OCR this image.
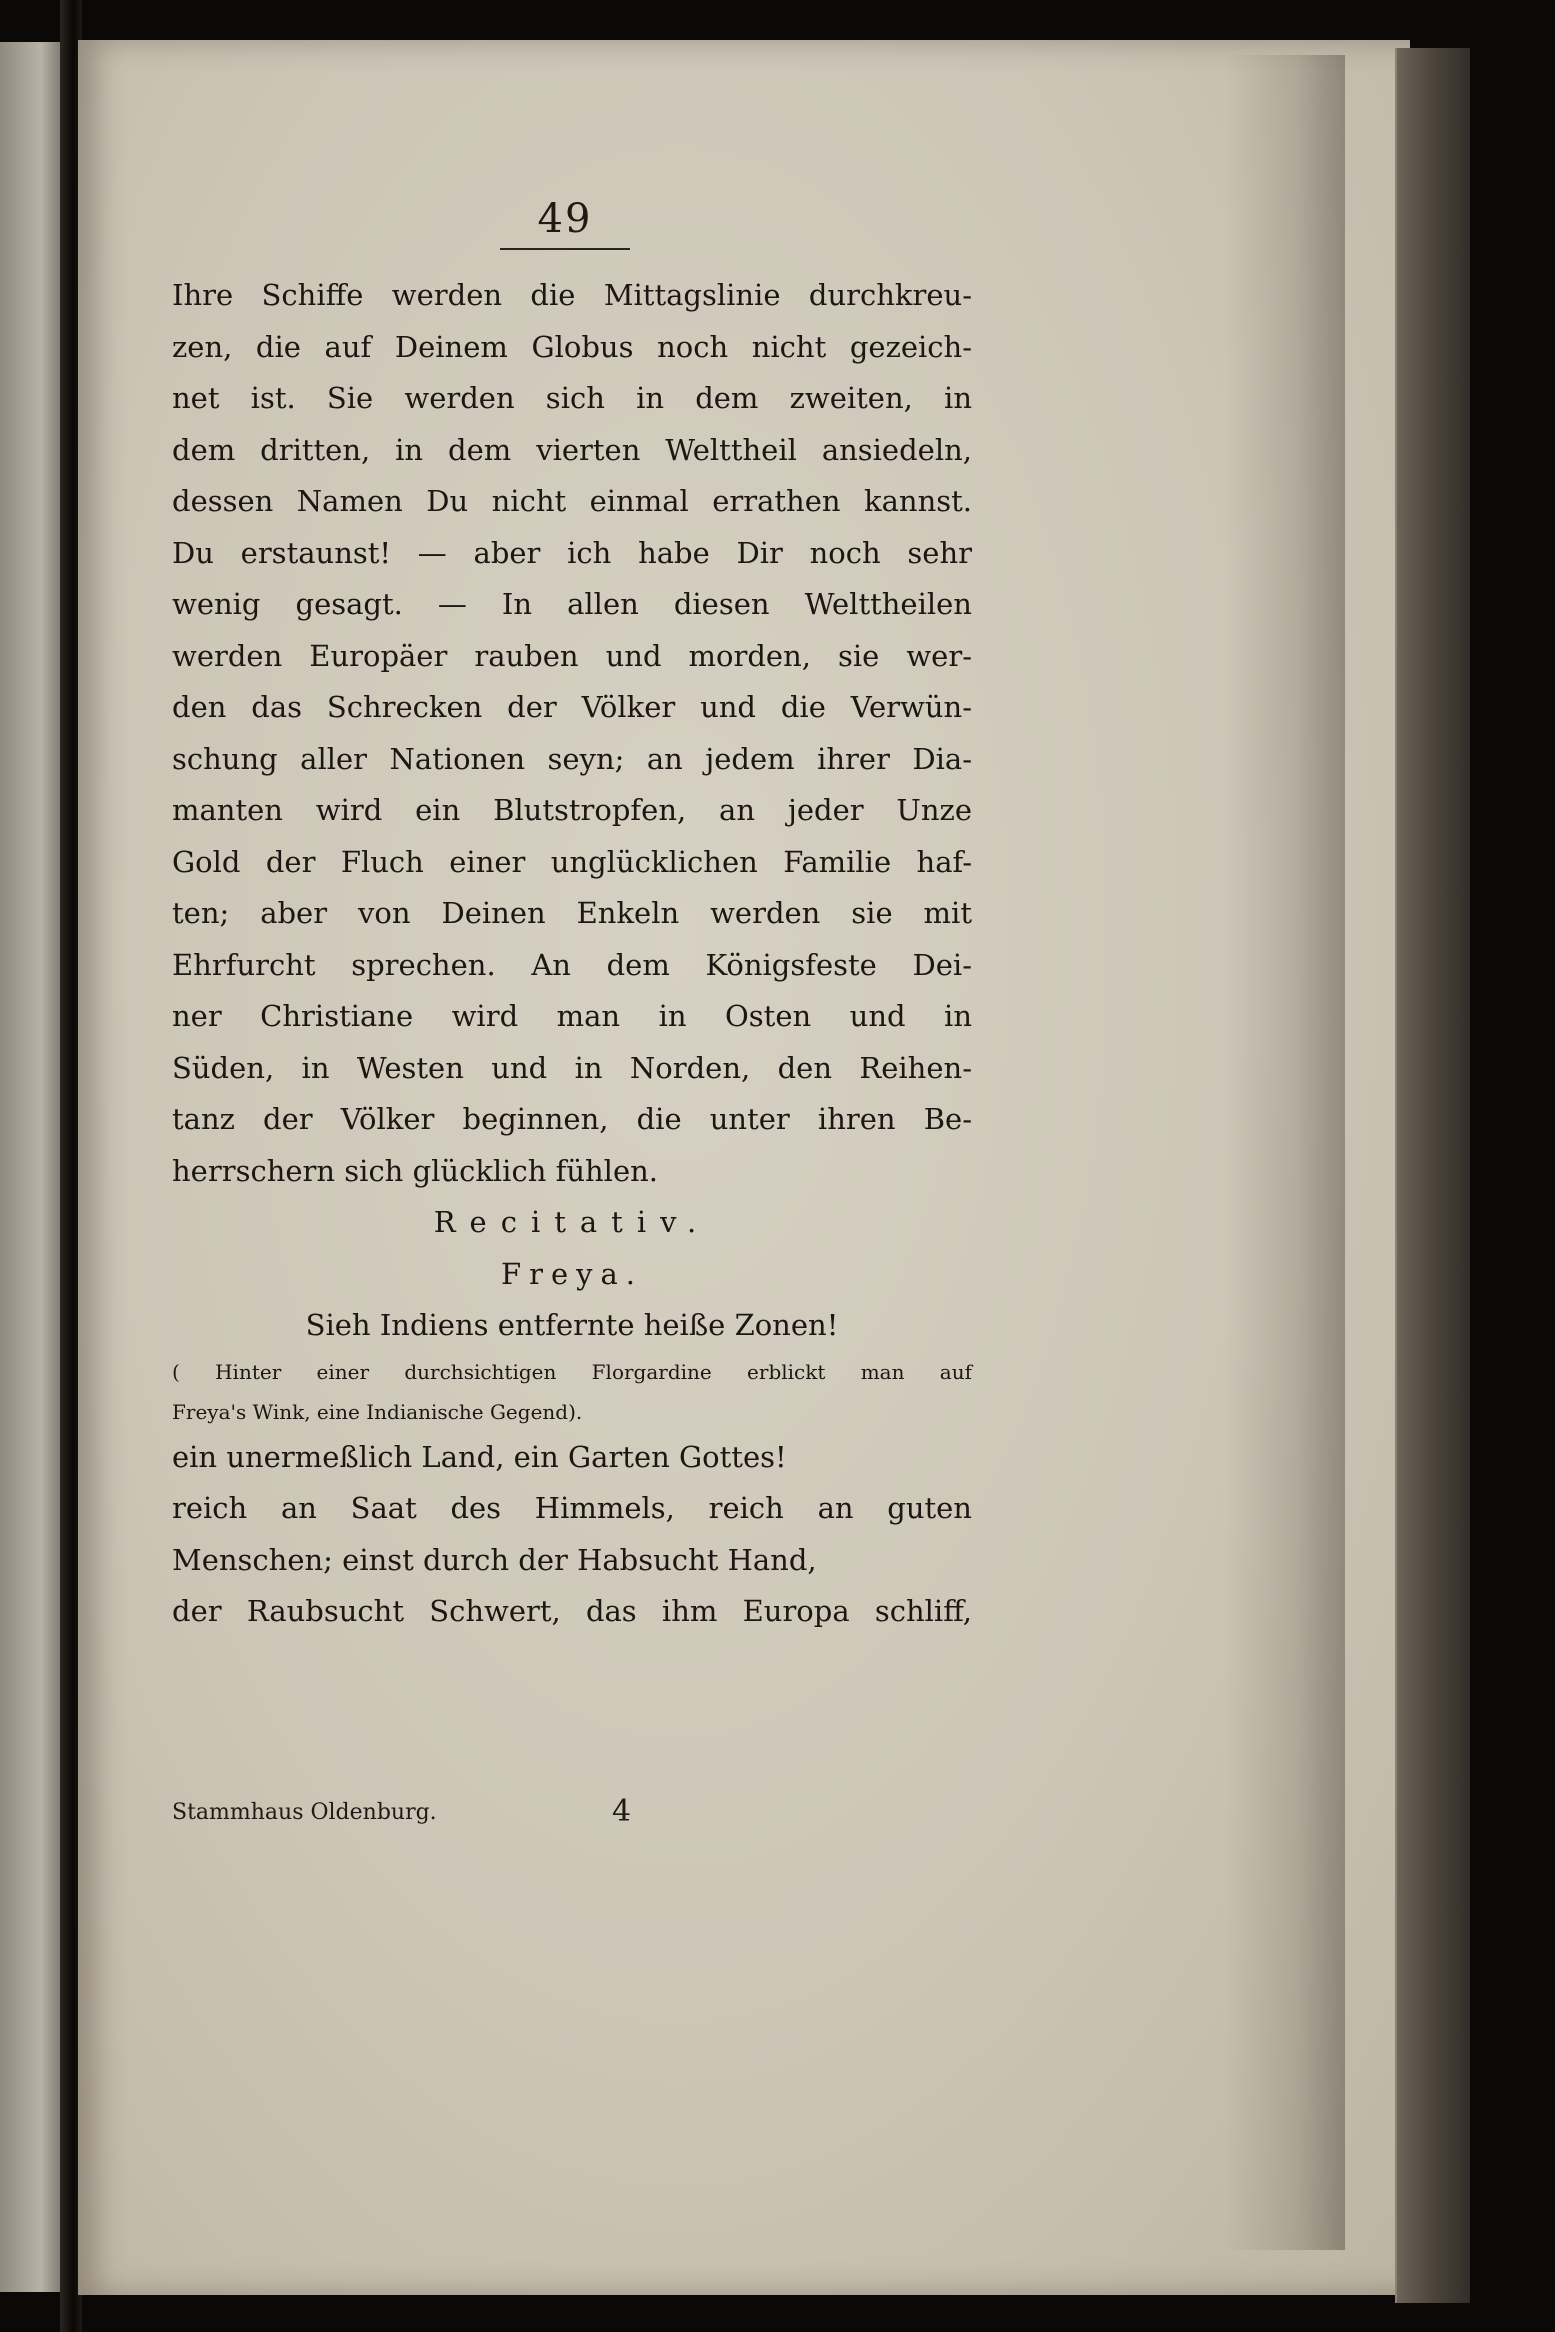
49
Ihre Schiffe werden die Mittagslinie durchkreu-
zen, die auf Deinem Globus noch nicht gezeich-
net ist. Sie werden sich in dem zweiten, in
dem dritten, in dem vierten Welttheil ansiedeln,
dessen Namen Du nicht einmal errathen kannst.
Du erstaunst! — aber ich habe Dir noch sehr
wenig gesagt. — In allen diesen Welttheilen
werden Europäer rauben und morden, sie wer-
den das Schrecken der Völker und die Verwün-
schung aller Nationen seyn; an jedem ihrer Dia-
manten wird ein Blutstropfen, an jeder Unze
Gold der Fluch einer unglücklichen Familie haf-
ten; aber von Deinen Enkeln werden sie mit
Ehrfurcht sprechen. An dem Königsfeste Dei-
ner Christiane wird man in Osten und in
Süden, in Westen und in Norden, den Reihen-
tanz der Völker beginnen, die unter ihren Be-
herrschern sich glücklich fühlen.
Recitativ.
Freya.
Sieh Indiens entfernte heiße Zonen!
( Hinter einer durchsichtigen Florgardine erblickt man auf
Freya's Wink, eine Indianische Gegend).
ein unermeßlich Land, ein Garten Gottes!
reich an Saat des Himmels, reich an guten
Menschen; einst durch der Habsucht Hand,
der Raubsucht Schwert, das ihm Europa schliff,
Stammhaus Oldenburg.	4
